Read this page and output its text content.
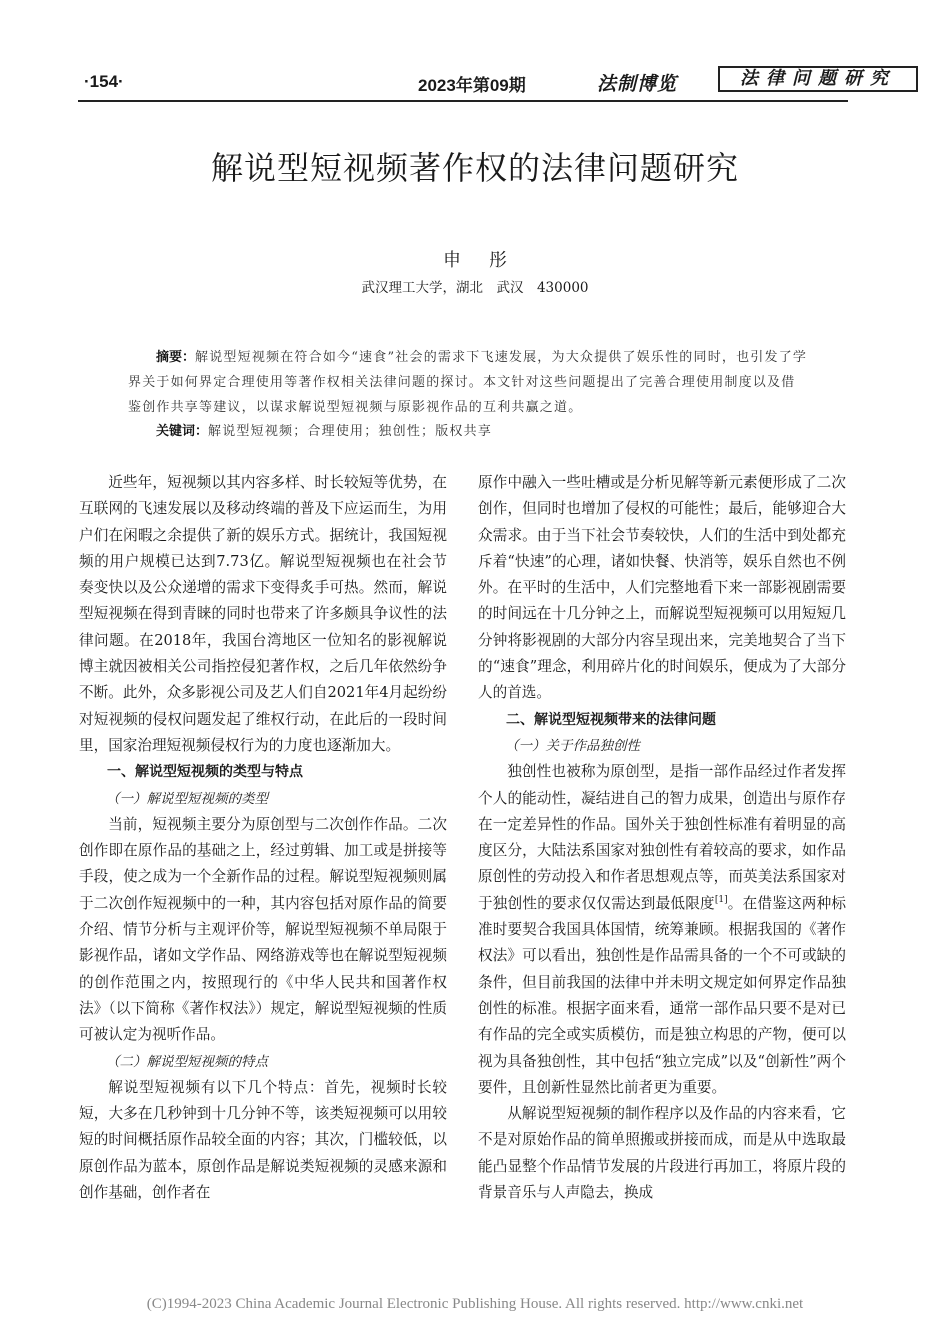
·154·	2023年第09期	法制博览	法律问题研究
解说型短视频著作权的法律问题研究
申彤
武汉理工大学，湖北　武汉　430000

摘要：解说型短视频在符合如今“速食”社会的需求下飞速发展，为大众提供了娱乐性的同时，也引发了学界关于如何界定合理使用等著作权相关法律问题的探讨。本文针对这些问题提出了完善合理使用制度以及借鉴创作共享等建议，以谋求解说型短视频与原影视作品的互利共赢之道。

关键词：解说型短视频；合理使用；独创性；版权共享

近些年，短视频以其内容多样、时长较短等优势，在互联网的飞速发展以及移动终端的普及下应运而生，为用户们在闲暇之余提供了新的娱乐方式。据统计，我国短视频的用户规模已达到7.73亿。解说型短视频也在社会节奏变快以及公众递增的需求下变得炙手可热。然而，解说型短视频在得到青睐的同时也带来了许多颇具争议性的法律问题。在2018年，我国台湾地区一位知名的影视解说博主就因被相关公司指控侵犯著作权，之后几年依然纷争不断。此外，众多影视公司及艺人们自2021年4月起纷纷对短视频的侵权问题发起了维权行动，在此后的一段时间里，国家治理短视频侵权行为的力度也逐渐加大。

一、解说型短视频的类型与特点
（一）解说型短视频的类型

当前，短视频主要分为原创型与二次创作作品。二次创作即在原作品的基础之上，经过剪辑、加工或是拼接等手段，使之成为一个全新作品的过程。解说型短视频则属于二次创作短视频中的一种，其内容包括对原作品的简要介绍、情节分析与主观评价等，解说型短视频不单局限于影视作品，诸如文学作品、网络游戏等也在解说型短视频的创作范围之内，按照现行的《中华人民共和国著作权法》（以下简称《著作权法》）规定，解说型短视频的性质可被认定为视听作品。

（二）解说型短视频的特点

解说型短视频有以下几个特点：首先，视频时长较短，大多在几秒钟到十几分钟不等，该类短视频可以用较短的时间概括原作品较全面的内容；其次，门槛较低，以原创作品为蓝本，原创作品是解说类短视频的灵感来源和创作基础，创作者在

原作中融入一些吐槽或是分析见解等新元素便形成了二次创作，但同时也增加了侵权的可能性；最后，能够迎合大众需求。由于当下社会节奏较快，人们的生活中到处都充斥着“快速”的心理，诸如快餐、快消等，娱乐自然也不例外。在平时的生活中，人们完整地看下来一部影视剧需要的时间远在十几分钟之上，而解说型短视频可以用短短几分钟将影视剧的大部分内容呈现出来，完美地契合了当下的“速食”理念，利用碎片化的时间娱乐，便成为了大部分人的首选。

二、解说型短视频带来的法律问题
（一）关于作品独创性

独创性也被称为原创型，是指一部作品经过作者发挥个人的能动性，凝结进自己的智力成果，创造出与原作存在一定差异性的作品。国外关于独创性标准有着明显的高度区分，大陆法系国家对独创性有着较高的要求，如作品原创性的劳动投入和作者思想观点等，而英美法系国家对于独创性的要求仅仅需达到最低限度[1]。在借鉴这两种标准时要契合我国具体国情，统筹兼顾。根据我国的《著作权法》可以看出，独创性是作品需具备的一个不可或缺的条件，但目前我国的法律中并未明文规定如何界定作品独创性的标准。根据字面来看，通常一部作品只要不是对已有作品的完全或实质模仿，而是独立构思的产物，便可以视为具备独创性，其中包括“独立完成”以及“创新性”两个要件，且创新性显然比前者更为重要。

从解说型短视频的制作程序以及作品的内容来看，它不是对原始作品的简单照搬或拼接而成，而是从中选取最能凸显整个作品情节发展的片段进行再加工，将原片段的背景音乐与人声隐去，换成

(C)1994-2023 China Academic Journal Electronic Publishing House. All rights reserved. http://www.cnki.net
